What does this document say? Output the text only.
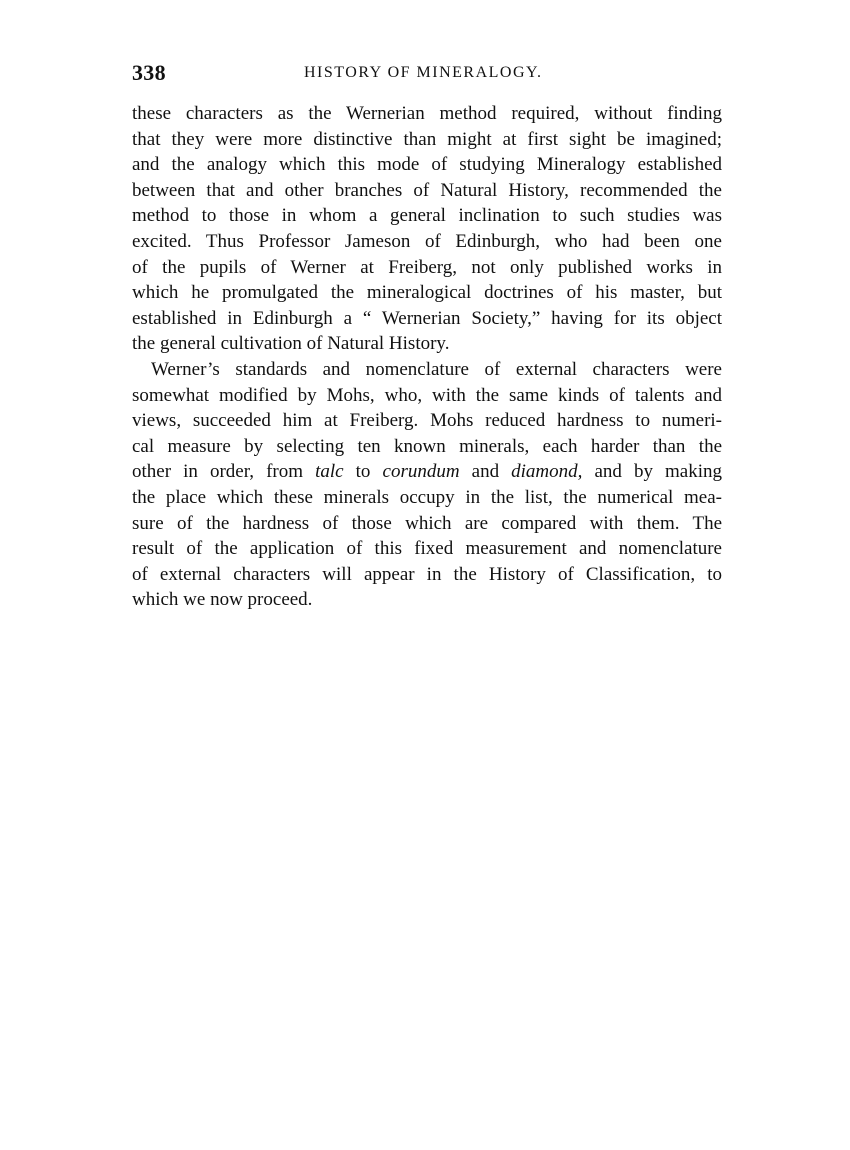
338	HISTORY OF MINERALOGY.
these characters as the Wernerian method required, without finding
that they were more distinctive than might at first sight be imagined;
and the analogy which this mode of studying Mineralogy established
between that and other branches of Natural History, recommended the
method to those in whom a general inclination to such studies was
excited. Thus Professor Jameson of Edinburgh, who had been one
of the pupils of Werner at Freiberg, not only published works in
which he promulgated the mineralogical doctrines of his master, but
established in Edinburgh a “ Wernerian Society,” having for its object
the general cultivation of Natural History.
Werner’s standards and nomenclature of external characters were
somewhat modified by Mohs, who, with the same kinds of talents and
views, succeeded him at Freiberg. Mohs reduced hardness to numeri-
cal measure by selecting ten known minerals, each harder than the
other in order, from talc to corundum and diamond, and by making
the place which these minerals occupy in the list, the numerical mea-
sure of the hardness of those which are compared with them. The
result of the application of this fixed measurement and nomenclature
of external characters will appear in the History of Classification, to
which we now proceed.
